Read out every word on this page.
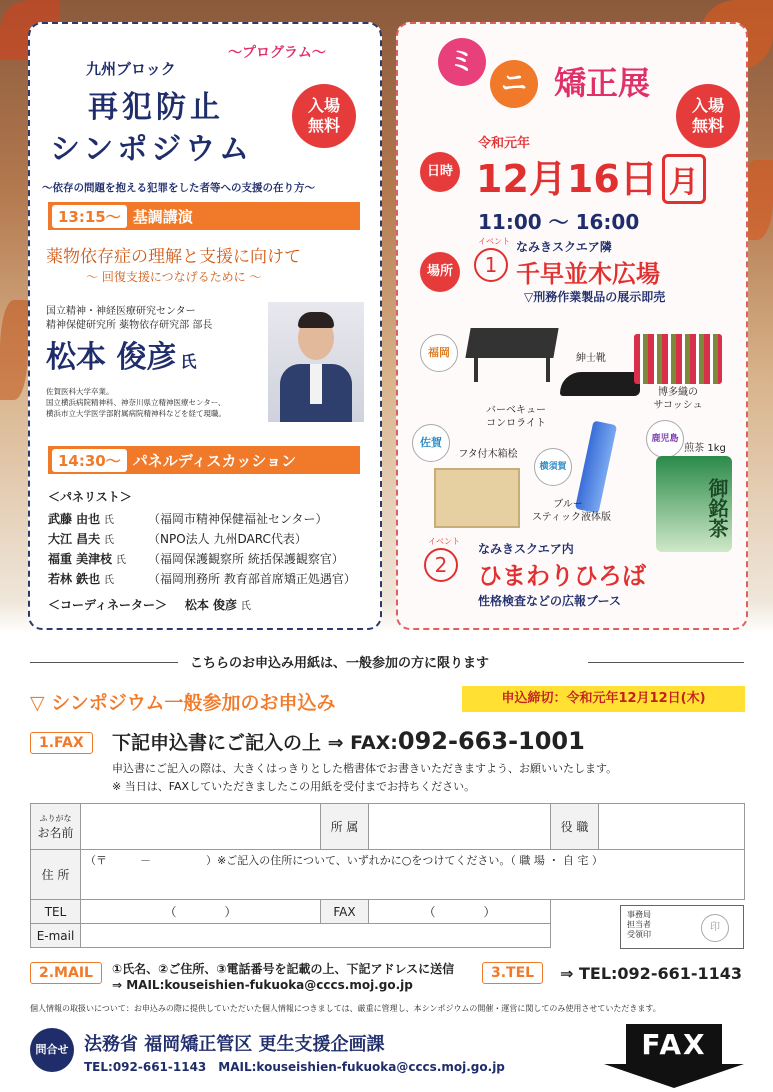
九州ブロック
～プログラム～
再犯防止
シンポジウム
入場
無料
～依存の問題を抱える犯罪をした者等への支援の在り方～
13:15～ 基調講演
薬物依存症の理解と支援に向けて
～ 回復支援につなげるために ～
国立精神・神経医療研究センター
精神保健研究所 薬物依存研究部 部長
松本 俊彦 氏
佐賀医科大学卒業。
国立横浜病院精神科、神奈川県立精神医療センター、
横浜市立大学医学部附属病院精神科などを経て現職。
14:30～ パネルディスカッション
＜パネリスト＞
武藤 由也 氏	（福岡市精神保健福祉センター）
大江 昌夫 氏	（NPO法人 九州DARC代表）
福重 美津枝 氏 （福岡保護観察所 統括保護観察官）
若林 鉄也 氏	（福岡刑務所 教育部首席矯正処遇官）
＜コーディネーター＞ 松本 俊彦 氏
ミ
ニ 矯正展
入場
無料
日時
令和元年
12月16日 月
11:00 ～ 16:00
場所
イベント
1
なみきスクエア隣
千早並木広場
▽刑務作業製品の展示即売
福岡
バーベキュー
コンロライト
紳士靴
博多織の
サコッシュ
佐賀
フタ付木箱桧
横須賀
ブルー
スティック液体版
鹿児島
煎茶 1kg
御銘茶
イベント
2
なみきスクエア内
ひまわりひろば
性格検査などの広報ブース
こちらのお申込み用紙は、一般参加の方に限ります
▽ シンポジウム一般参加のお申込み	申込締切：令和元年12月12日(木)
1.FAX	下記申込書にご記入の上 ⇒ FAX:092-663-1001
申込書にご記入の際は、大きくはっきりとした楷書体でお書きいただきますよう、お願いいたします。
※ 当日は、FAXしていただきましたこの用紙を受付までお持ちください。
ふりがな
お名前		所 属		役 職	
住 所	（〒　　　－　　　　　）※ご記入の住所について、いずれかに○をつけてください。（ 職 場 ・ 自 宅 ）				
TEL	（　　　　）	FAX	（　　　　）		
E-mail					
事務局
担当者
受領印
印
2.MAIL	①氏名、②ご住所、③電話番号を記載の上、下記アドレスに送信
⇒ MAIL:kouseishien-fukuoka@cccs.moj.go.jp
3.TEL	⇒ TEL:092-661-1143
個人情報の取扱いについて：お申込みの際に提供していただいた個人情報につきましては、厳重に管理し、本シンポジウムの開催・運営に関してのみ使用させていただきます。
問合せ 法務省 福岡矯正管区 更生支援企画課
TEL:092-661-1143　MAIL:kouseishien-fukuoka@cccs.moj.go.jp
FAX
